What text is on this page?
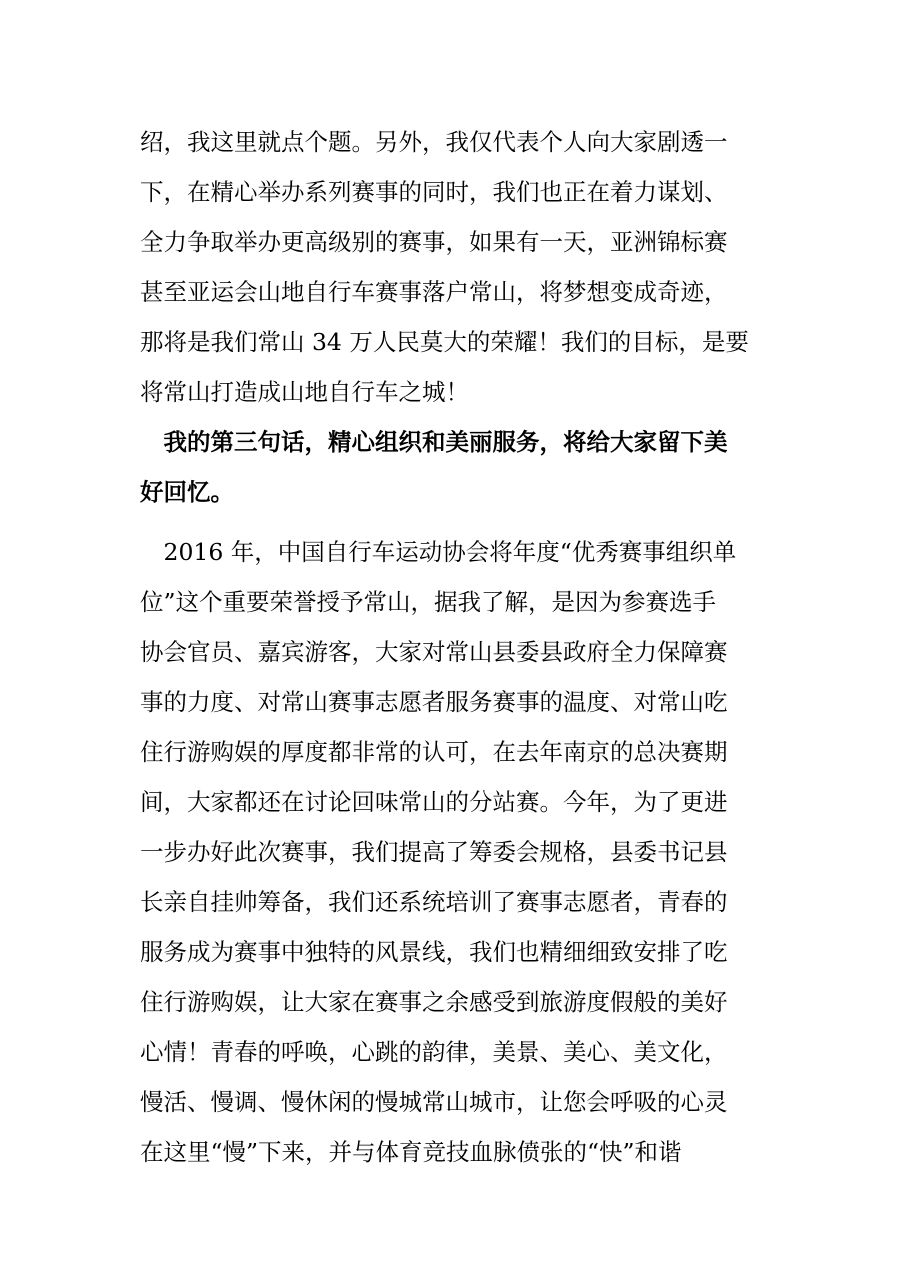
绍，我这里就点个题。另外，我仅代表个人向大家剧透一
下，在精心举办系列赛事的同时，我们也正在着力谋划、
全力争取举办更高级别的赛事，如果有一天，亚洲锦标赛
甚至亚运会山地自行车赛事落户常山，将梦想变成奇迹，
那将是我们常山 34 万人民莫大的荣耀！我们的目标，是要
将常山打造成山地自行车之城！
　我的第三句话，精心组织和美丽服务，将给大家留下美
好回忆。
　2016 年，中国自行车运动协会将年度“优秀赛事组织单
位”这个重要荣誉授予常山，据我了解，是因为参赛选手
协会官员、嘉宾游客，大家对常山县委县政府全力保障赛
事的力度、对常山赛事志愿者服务赛事的温度、对常山吃
住行游购娱的厚度都非常的认可，在去年南京的总决赛期
间，大家都还在讨论回味常山的分站赛。今年，为了更进
一步办好此次赛事，我们提高了筹委会规格，县委书记县
长亲自挂帅筹备，我们还系统培训了赛事志愿者，青春的
服务成为赛事中独特的风景线，我们也精细细致安排了吃
住行游购娱，让大家在赛事之余感受到旅游度假般的美好
心情！青春的呼唤，心跳的韵律，美景、美心、美文化，
慢活、慢调、慢休闲的慢城常山城市，让您会呼吸的心灵
在这里“慢”下来，并与体育竞技血脉偾张的“快”和谐
